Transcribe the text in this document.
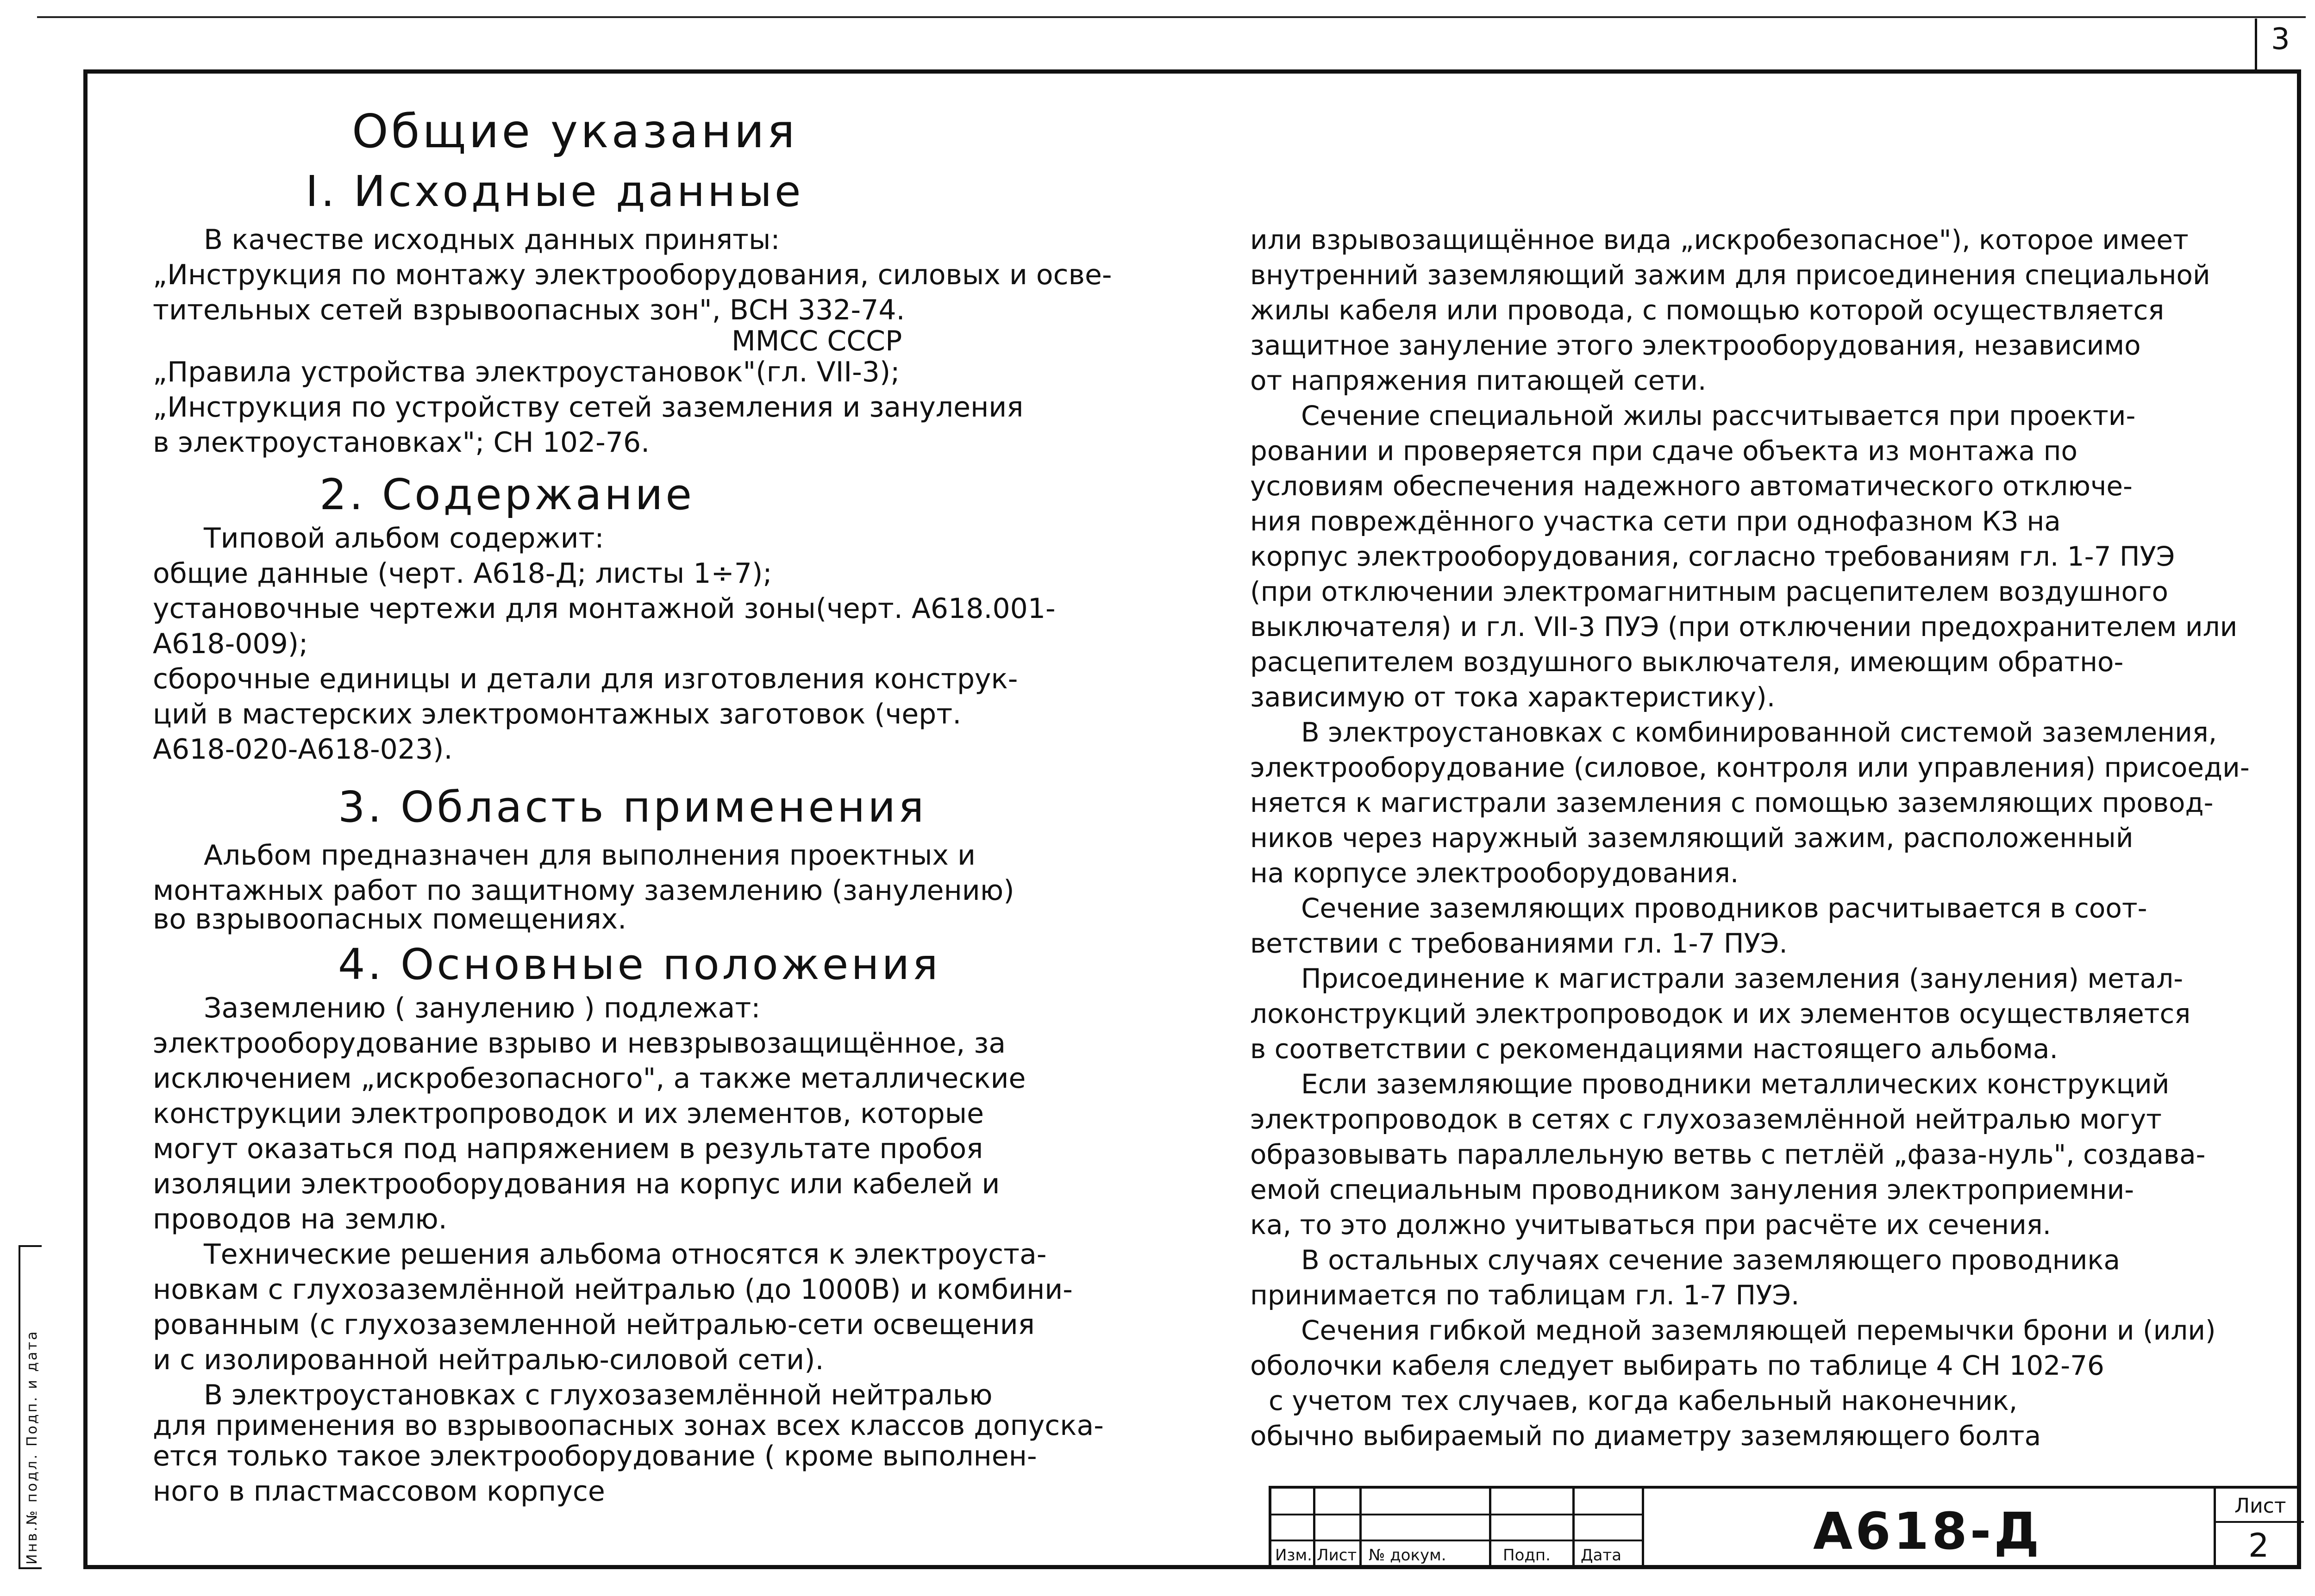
3
Инв.№ подл. Подп. и дата
Общие указания
I. Исходные данные

В качестве исходных данных приняты:

„Инструкция по монтажу электрооборудования, силовых и осве-

тительных сетей взрывоопасных зон", ВСН 332-74.

ММСС СССР

„Правила устройства электроустановок"(гл. VII-3);

„Инструкция по устройству сетей заземления и зануления

в электроустановках"; СН 102-76.

2. Содержание

Типовой альбом содержит:

общие данные (черт. А618-Д; листы 1÷7);

установочные чертежи для монтажной зоны(черт. А618.001-

А618-009);

сборочные единицы и детали для изготовления конструк-

ций в мастерских электромонтажных заготовок (черт.

А618-020-А618-023).

3. Область применения

Альбом предназначен для выполнения проектных и

монтажных работ по защитному заземлению (занулению)

во взрывоопасных помещениях.

4. Основные положения

Заземлению ( занулению ) подлежат:

электрооборудование взрыво и невзрывозащищённое, за

исключением „искробезопасного", а также металлические

конструкции электропроводок и их элементов, которые

могут оказаться под напряжением в результате пробоя

изоляции электрооборудования на корпус или кабелей и

проводов на землю.

Технические решения альбома относятся к электроуста-

новкам с глухозаземлённой нейтралью (до 1000В) и комбини-

рованным (с глухозаземленной нейтралью-сети освещения

и с изолированной нейтралью-силовой сети).

В электроустановках с глухозаземлённой нейтралью

для применения во взрывоопасных зонах всех классов допуска-

ется только такое электрооборудование ( кроме выполнен-

ного в пластмассовом корпусе

или взрывозащищённое вида „искробезопасное"), которое имеет

внутренний заземляющий зажим для присоединения специальной

жилы кабеля или провода, с помощью которой осуществляется

защитное зануление этого электрооборудования, независимо

от напряжения питающей сети.

Сечение специальной жилы рассчитывается при проекти-

ровании и проверяется при сдаче объекта из монтажа по

условиям обеспечения надежного автоматического отключе-

ния повреждённого участка сети при однофазном КЗ на

корпус электрооборудования, согласно требованиям гл. 1-7 ПУЭ

(при отключении электромагнитным расцепителем воздушного

выключателя) и гл. VII-3 ПУЭ (при отключении предохранителем или

расцепителем воздушного выключателя, имеющим обратно-

зависимую от тока характеристику).

В электроустановках с комбинированной системой заземления,

электрооборудование (силовое, контроля или управления) присоеди-

няется к магистрали заземления с помощью заземляющих провод-

ников через наружный заземляющий зажим, расположенный

на корпусе электрооборудования.

Сечение заземляющих проводников расчитывается в соот-

ветствии с требованиями гл. 1-7 ПУЭ.

Присоединение к магистрали заземления (зануления) метал-

локонструкций электропроводок и их элементов осуществляется

в соответствии с рекомендациями настоящего альбома.

Если заземляющие проводники металлических конструкций

электропроводок в сетях с глухозаземлённой нейтралью могут

образовывать параллельную ветвь с петлёй „фаза-нуль", создава-

емой специальным проводником зануления электроприемни-

ка, то это должно учитываться при расчёте их сечения.

В остальных случаях сечение заземляющего проводника

принимается по таблицам гл. 1-7 ПУЭ.

Сечения гибкой медной заземляющей перемычки брони и (или)

оболочки кабеля следует выбирать по таблице 4 СН 102-76

с учетом тех случаев, когда кабельный наконечник,

обычно выбираемый по диаметру заземляющего болта

Изм. Лист № докум.	Подп. Дата	А618-Д	Лист
2
